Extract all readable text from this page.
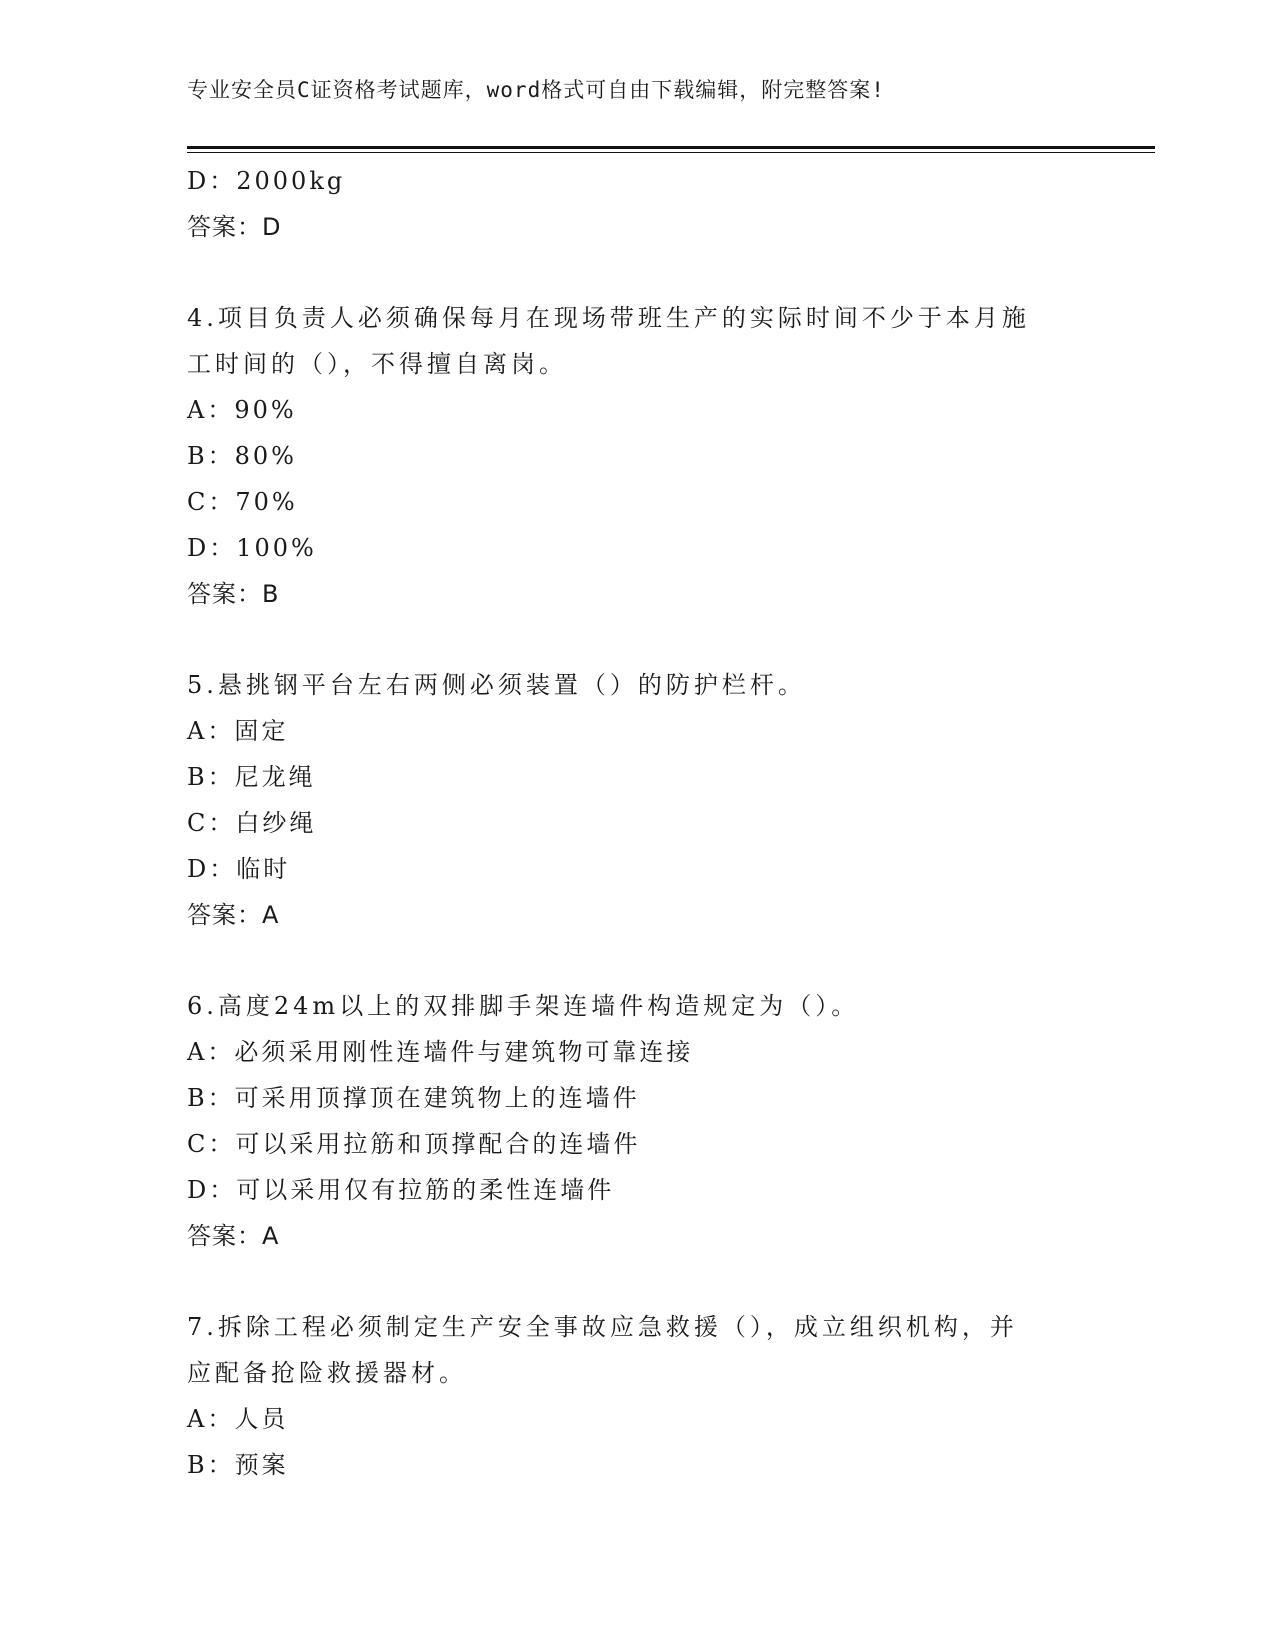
专业安全员C证资格考试题库，word格式可自由下载编辑，附完整答案!
D：2000kg
答案：D
4.项目负责人必须确保每月在现场带班生产的实际时间不少于本月施
工时间的（），不得擅自离岗。
A：90%
B：80%
C：70%
D：100%
答案：B
5.悬挑钢平台左右两侧必须装置（）的防护栏杆。
A：固定
B：尼龙绳
C：白纱绳
D：临时
答案：A
6.高度24m以上的双排脚手架连墙件构造规定为（）。
A：必须采用刚性连墙件与建筑物可靠连接
B：可采用顶撑顶在建筑物上的连墙件
C：可以采用拉筋和顶撑配合的连墙件
D：可以采用仅有拉筋的柔性连墙件
答案：A
7.拆除工程必须制定生产安全事故应急救援（），成立组织机构，并
应配备抢险救援器材。
A：人员
B：预案
